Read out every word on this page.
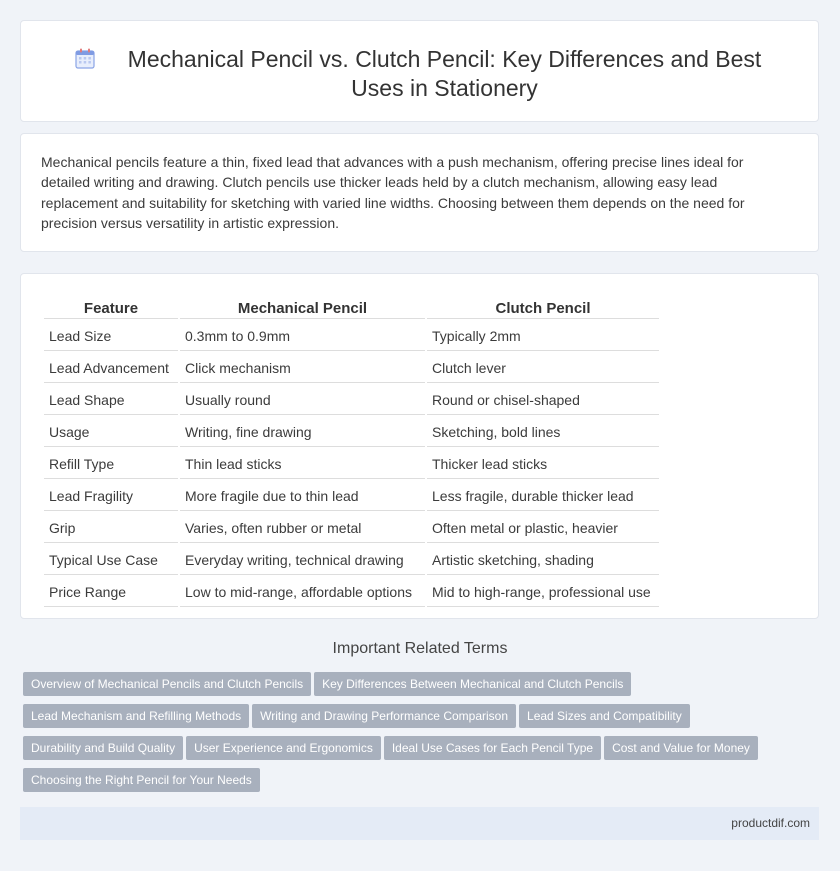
Mechanical Pencil vs. Clutch Pencil: Key Differences and Best Uses in Stationery

Mechanical pencils feature a thin, fixed lead that advances with a push mechanism, offering precise lines ideal for detailed writing and drawing. Clutch pencils use thicker leads held by a clutch mechanism, allowing easy lead replacement and suitability for sketching with varied line widths. Choosing between them depends on the need for precision versus versatility in artistic expression.

Feature	Mechanical Pencil	Clutch Pencil
Lead Size	0.3mm to 0.9mm	Typically 2mm
Lead Advancement	Click mechanism	Clutch lever
Lead Shape	Usually round	Round or chisel-shaped
Usage	Writing, fine drawing	Sketching, bold lines
Refill Type	Thin lead sticks	Thicker lead sticks
Lead Fragility	More fragile due to thin lead	Less fragile, durable thicker lead
Grip	Varies, often rubber or metal	Often metal or plastic, heavier
Typical Use Case	Everyday writing, technical drawing	Artistic sketching, shading
Price Range	Low to mid-range, affordable options	Mid to high-range, professional use
Important Related Terms
Overview of Mechanical Pencils and Clutch Pencils Key Differences Between Mechanical and Clutch Pencils
Lead Mechanism and Refilling Methods Writing and Drawing Performance Comparison Lead Sizes and Compatibility
Durability and Build Quality User Experience and Ergonomics Ideal Use Cases for Each Pencil Type Cost and Value for Money
Choosing the Right Pencil for Your Needs
productdif.com
